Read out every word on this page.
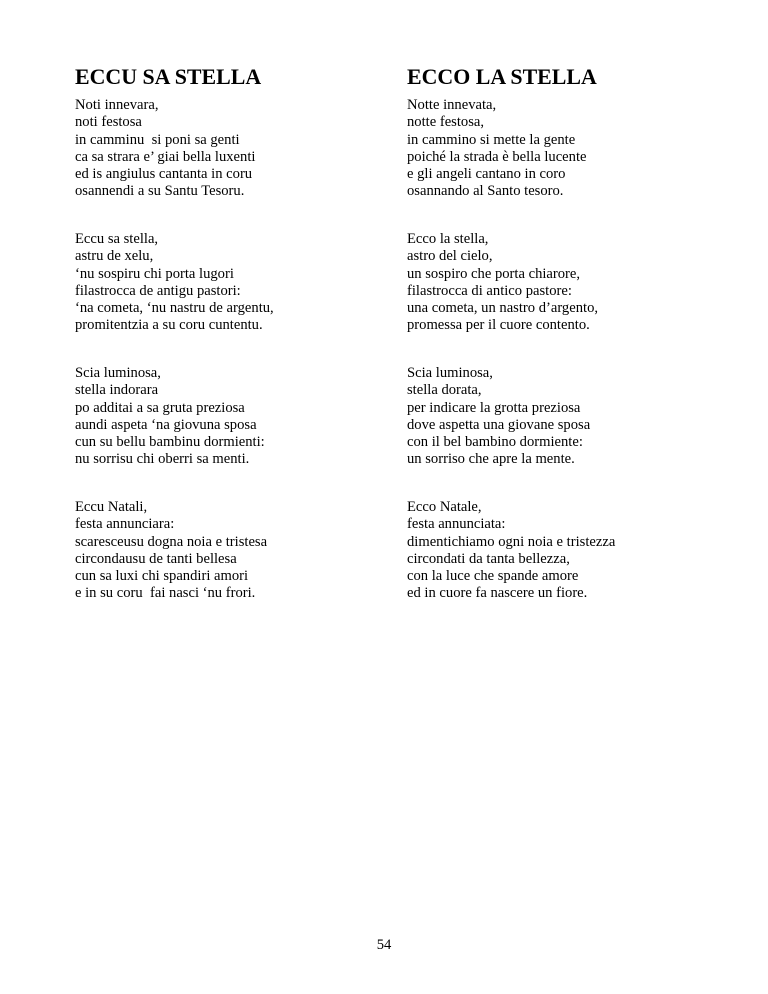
ECCU SA STELLA

Noti innevara,
noti festosa
in camminu  si poni sa genti
ca sa strara e’ giai bella luxenti
ed is angiulus cantanta in coru
osannendi a su Santu Tesoru.

Eccu sa stella,
astru de xelu,
‘nu sospiru chi porta lugori
filastrocca de antigu pastori:
‘na cometa, ‘nu nastru de argentu,
promitentzia a su coru cuntentu.

Scia luminosa,
stella indorara
po additai a sa gruta preziosa
aundi aspeta ‘na giovuna sposa
cun su bellu bambinu dormienti:
nu sorrisu chi oberri sa menti.

Eccu Natali,
festa annunciara:
scaresceusu dogna noia e tristesa
circondausu de tanti bellesa
cun sa luxi chi spandiri amori
e in su coru  fai nasci ‘nu frori.

ECCO LA STELLA

Notte innevata,
notte festosa,
in cammino si mette la gente
poiché la strada è bella lucente
e gli angeli cantano in coro
osannando al Santo tesoro.

Ecco la stella,
astro del cielo,
un sospiro che porta chiarore,
filastrocca di antico pastore:
una cometa, un nastro d’argento,
promessa per il cuore contento.

Scia luminosa,
stella dorata,
per indicare la grotta preziosa
dove aspetta una giovane sposa
con il bel bambino dormiente:
un sorriso che apre la mente.

Ecco Natale,
festa annunciata:
dimentichiamo ogni noia e tristezza
circondati da tanta bellezza,
con la luce che spande amore
ed in cuore fa nascere un fiore.

54
